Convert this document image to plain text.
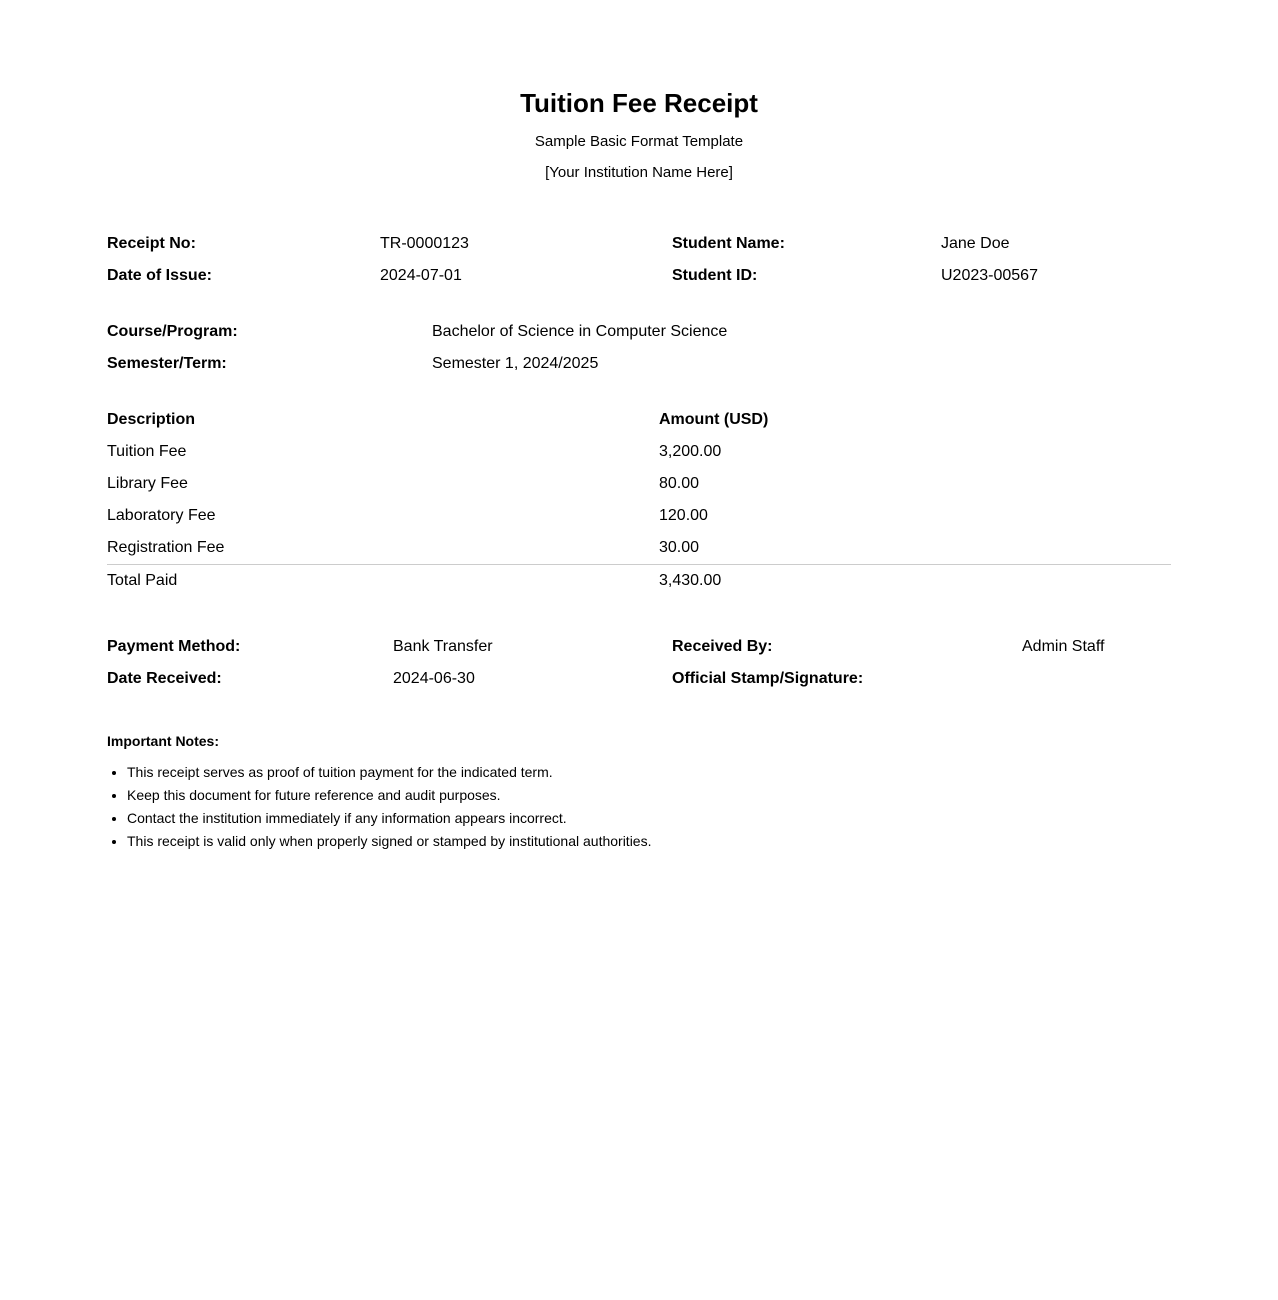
Tuition Fee Receipt

Sample Basic Format Template

[Your Institution Name Here]

Receipt No:	TR-0000123	Student Name:	Jane Doe
Date of Issue:	2024-07-01	Student ID:	U2023-00567
Course/Program:	Bachelor of Science in Computer Science
Semester/Term:	Semester 1, 2024/2025
Description	Amount (USD)
Tuition Fee	3,200.00
Library Fee	80.00
Laboratory Fee	120.00
Registration Fee	30.00
Total Paid	3,430.00
Payment Method:	Bank Transfer	Received By:	Admin Staff
Date Received:	2024-06-30	Official Stamp/Signature:

Important Notes:

• This receipt serves as proof of tuition payment for the indicated term.
• Keep this document for future reference and audit purposes.
• Contact the institution immediately if any information appears incorrect.
• This receipt is valid only when properly signed or stamped by institutional authorities.
